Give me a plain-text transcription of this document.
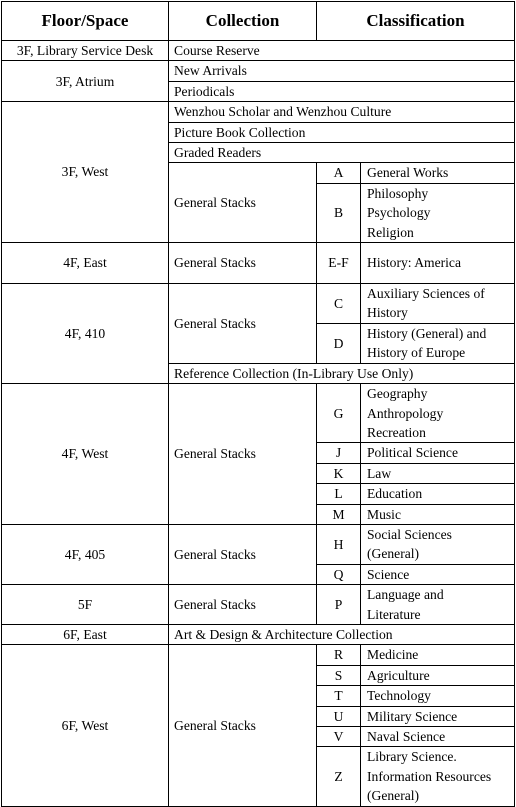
Floor/Space	Collection	Classification	
3F, Library Service Desk	Course Reserve		
3F, Atrium	New Arrivals		
	Periodicals		
3F, West	Wenzhou Scholar and Wenzhou Culture		
	Picture Book Collection		
	Graded Readers		
	General Stacks	A	General Works
		B	Philosophy
Psychology
Religion
4F, East	General Stacks	E-F	History: America
4F, 410	General Stacks	C	Auxiliary Sciences of
History
		D	History (General) and
History of Europe
	Reference Collection (In-Library Use Only)		
4F, West	General Stacks	G	Geography
Anthropology
Recreation
		J	Political Science
		K	Law
		L	Education
		M	Music
4F, 405	General Stacks	H	Social Sciences
(General)
		Q	Science
5F	General Stacks	P	Language and
Literature
6F, East	Art & Design & Architecture Collection		
6F, West	General Stacks	R	Medicine
		S	Agriculture
		T	Technology
		U	Military Science
		V	Naval Science
		Z	Library Science.
Information Resources
(General)
